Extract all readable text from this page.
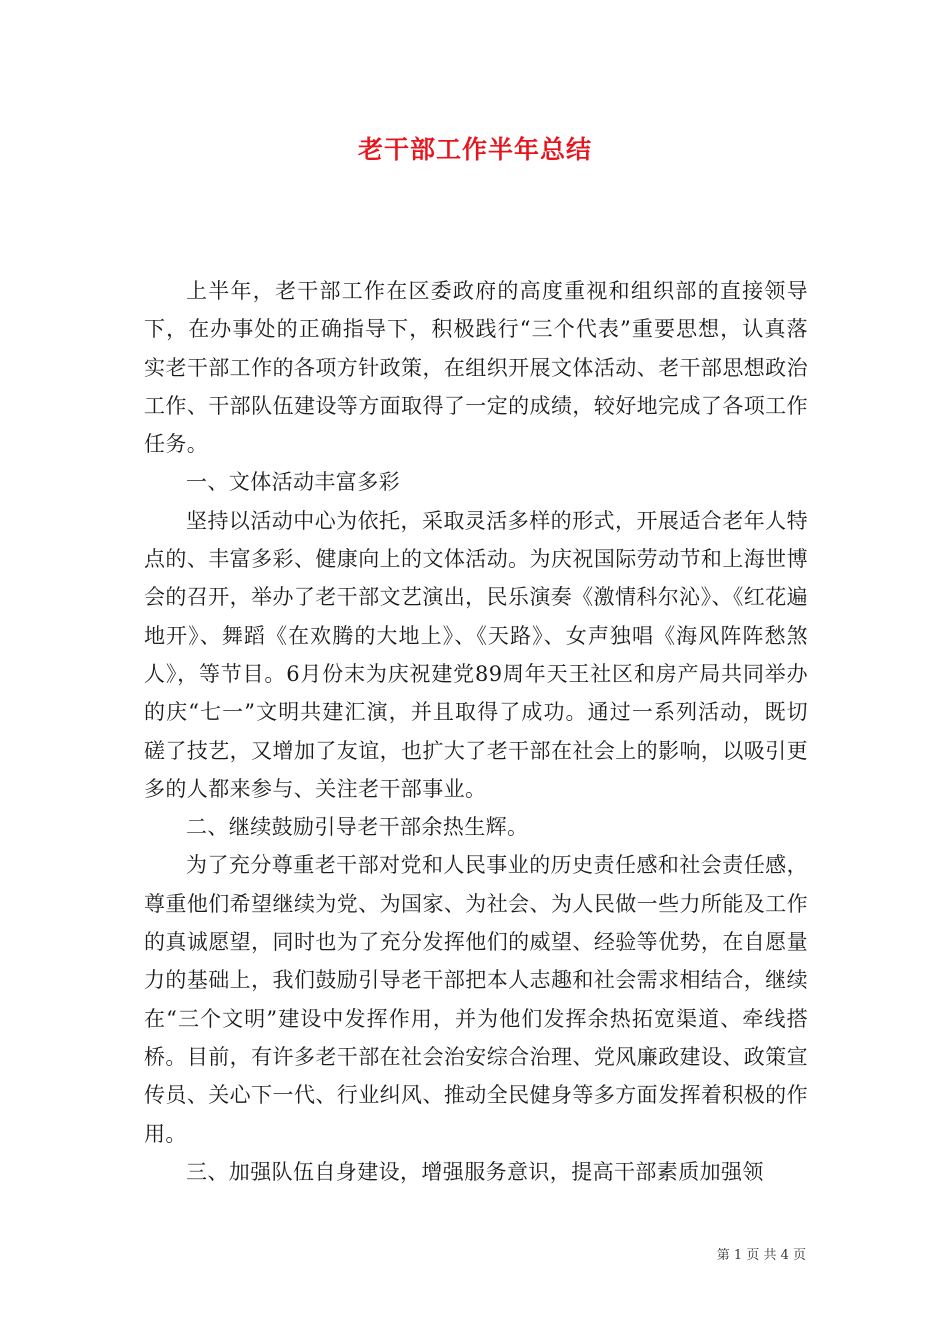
老干部工作半年总结

上半年，老干部工作在区委政府的高度重视和组织部的直接领导下，在办事处的正确指导下，积极践行“三个代表”重要思想，认真落实老干部工作的各项方针政策，在组织开展文体活动、老干部思想政治工作、干部队伍建设等方面取得了一定的成绩，较好地完成了各项工作任务。

一、文体活动丰富多彩

坚持以活动中心为依托，采取灵活多样的形式，开展适合老年人特点的、丰富多彩、健康向上的文体活动。为庆祝国际劳动节和上海世博会的召开，举办了老干部文艺演出，民乐演奏《激情科尔沁》、《红花遍地开》、舞蹈《在欢腾的大地上》、《天路》、女声独唱《海风阵阵愁煞人》，等节目。6月份末为庆祝建党89周年天王社区和房产局共同举办的庆“七一”文明共建汇演，并且取得了成功。通过一系列活动，既切磋了技艺，又增加了友谊，也扩大了老干部在社会上的影响，以吸引更多的人都来参与、关注老干部事业。

二、继续鼓励引导老干部余热生辉。

为了充分尊重老干部对党和人民事业的历史责任感和社会责任感，尊重他们希望继续为党、为国家、为社会、为人民做一些力所能及工作的真诚愿望，同时也为了充分发挥他们的威望、经验等优势，在自愿量力的基础上，我们鼓励引导老干部把本人志趣和社会需求相结合，继续在“三个文明”建设中发挥作用，并为他们发挥余热拓宽渠道、牵线搭桥。目前，有许多老干部在社会治安综合治理、党风廉政建设、政策宣传员、关心下一代、行业纠风、推动全民健身等多方面发挥着积极的作用。

三、加强队伍自身建设，增强服务意识，提高干部素质加强领

第 1 页 共 4 页
